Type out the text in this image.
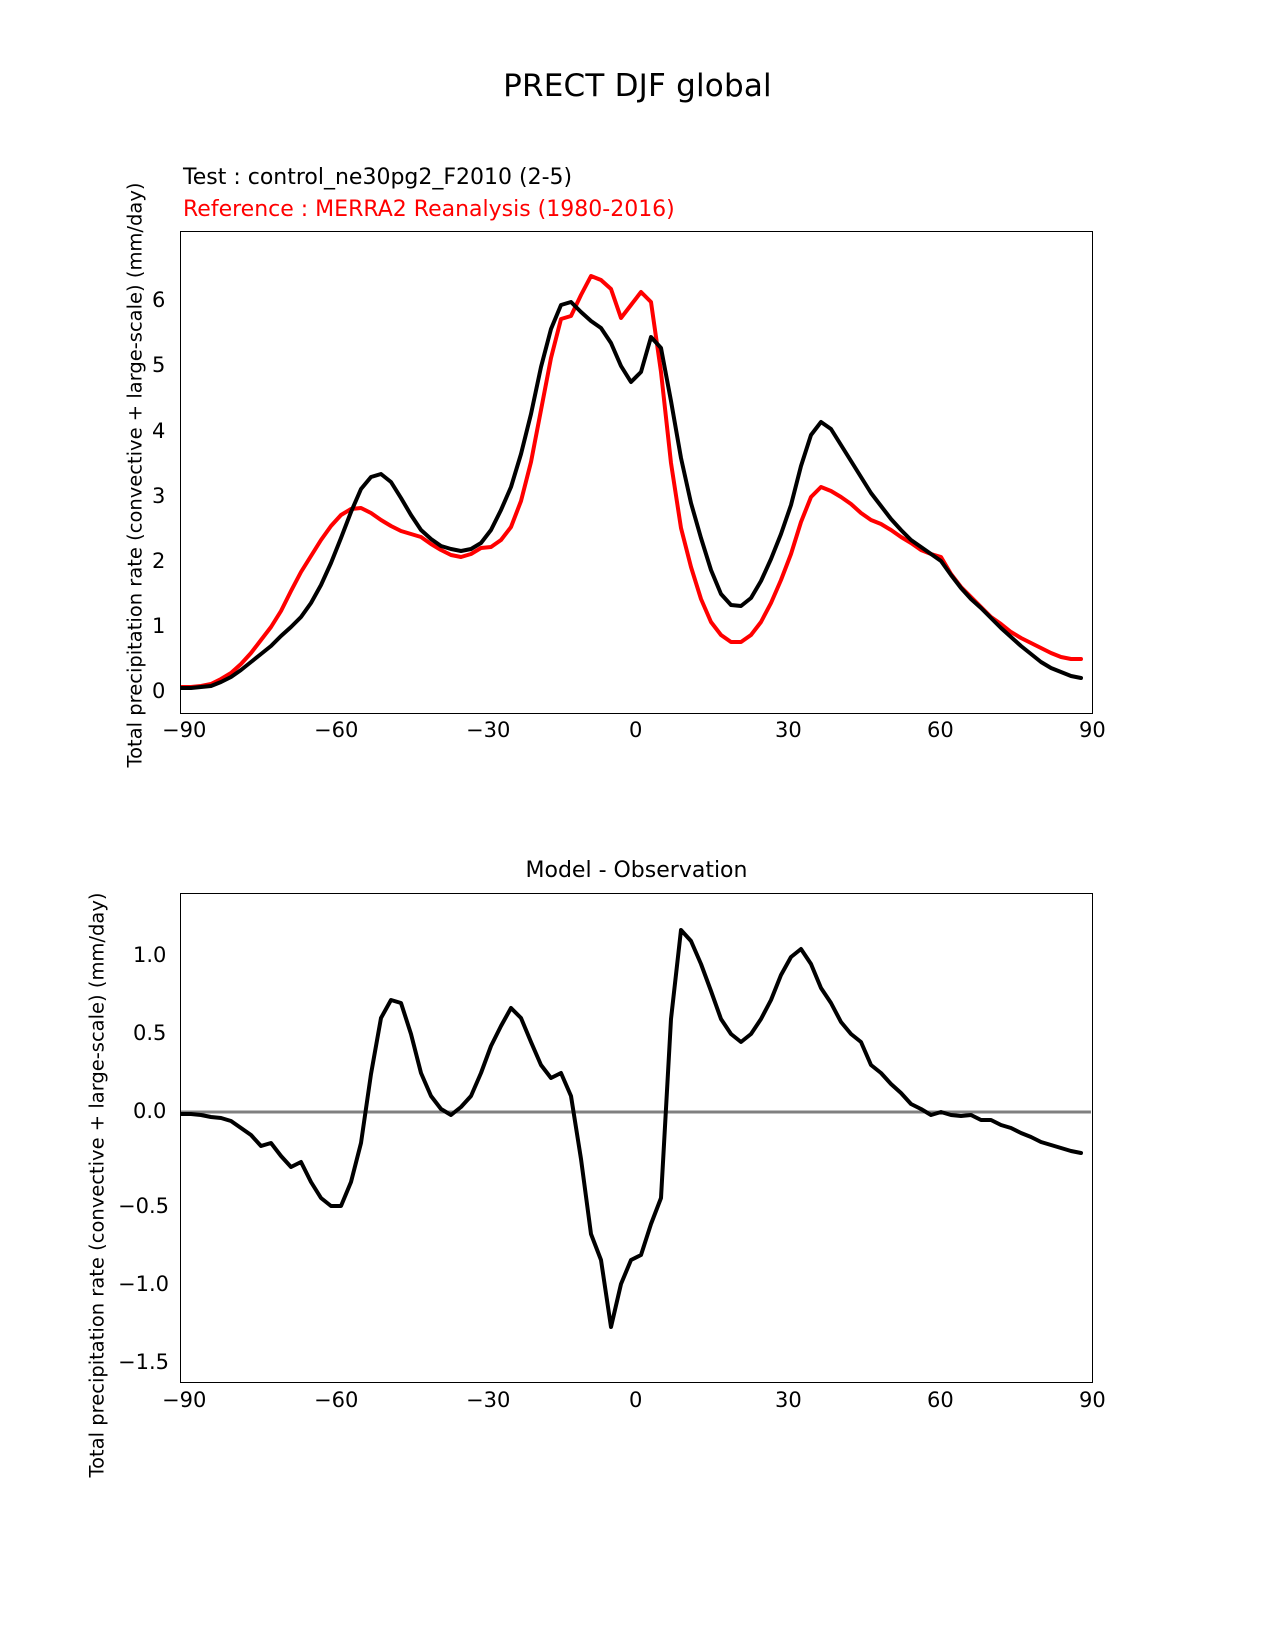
PRECT DJF global
Test : control_ne30pg2_F2010 (2-5)
Reference : MERRA2 Reanalysis (1980-2016)
Total precipitation rate (convective + large-scale) (mm/day) −90	−60	−30	0	30	60	90
0
1
2
3
4
5
6
Model - Observation
Total precipitation rate (convective + large-scale) (mm/day)	−90	−60	−30	0	30	60	90
−1.5
−1.0
−0.5
0.0
0.5
1.0
